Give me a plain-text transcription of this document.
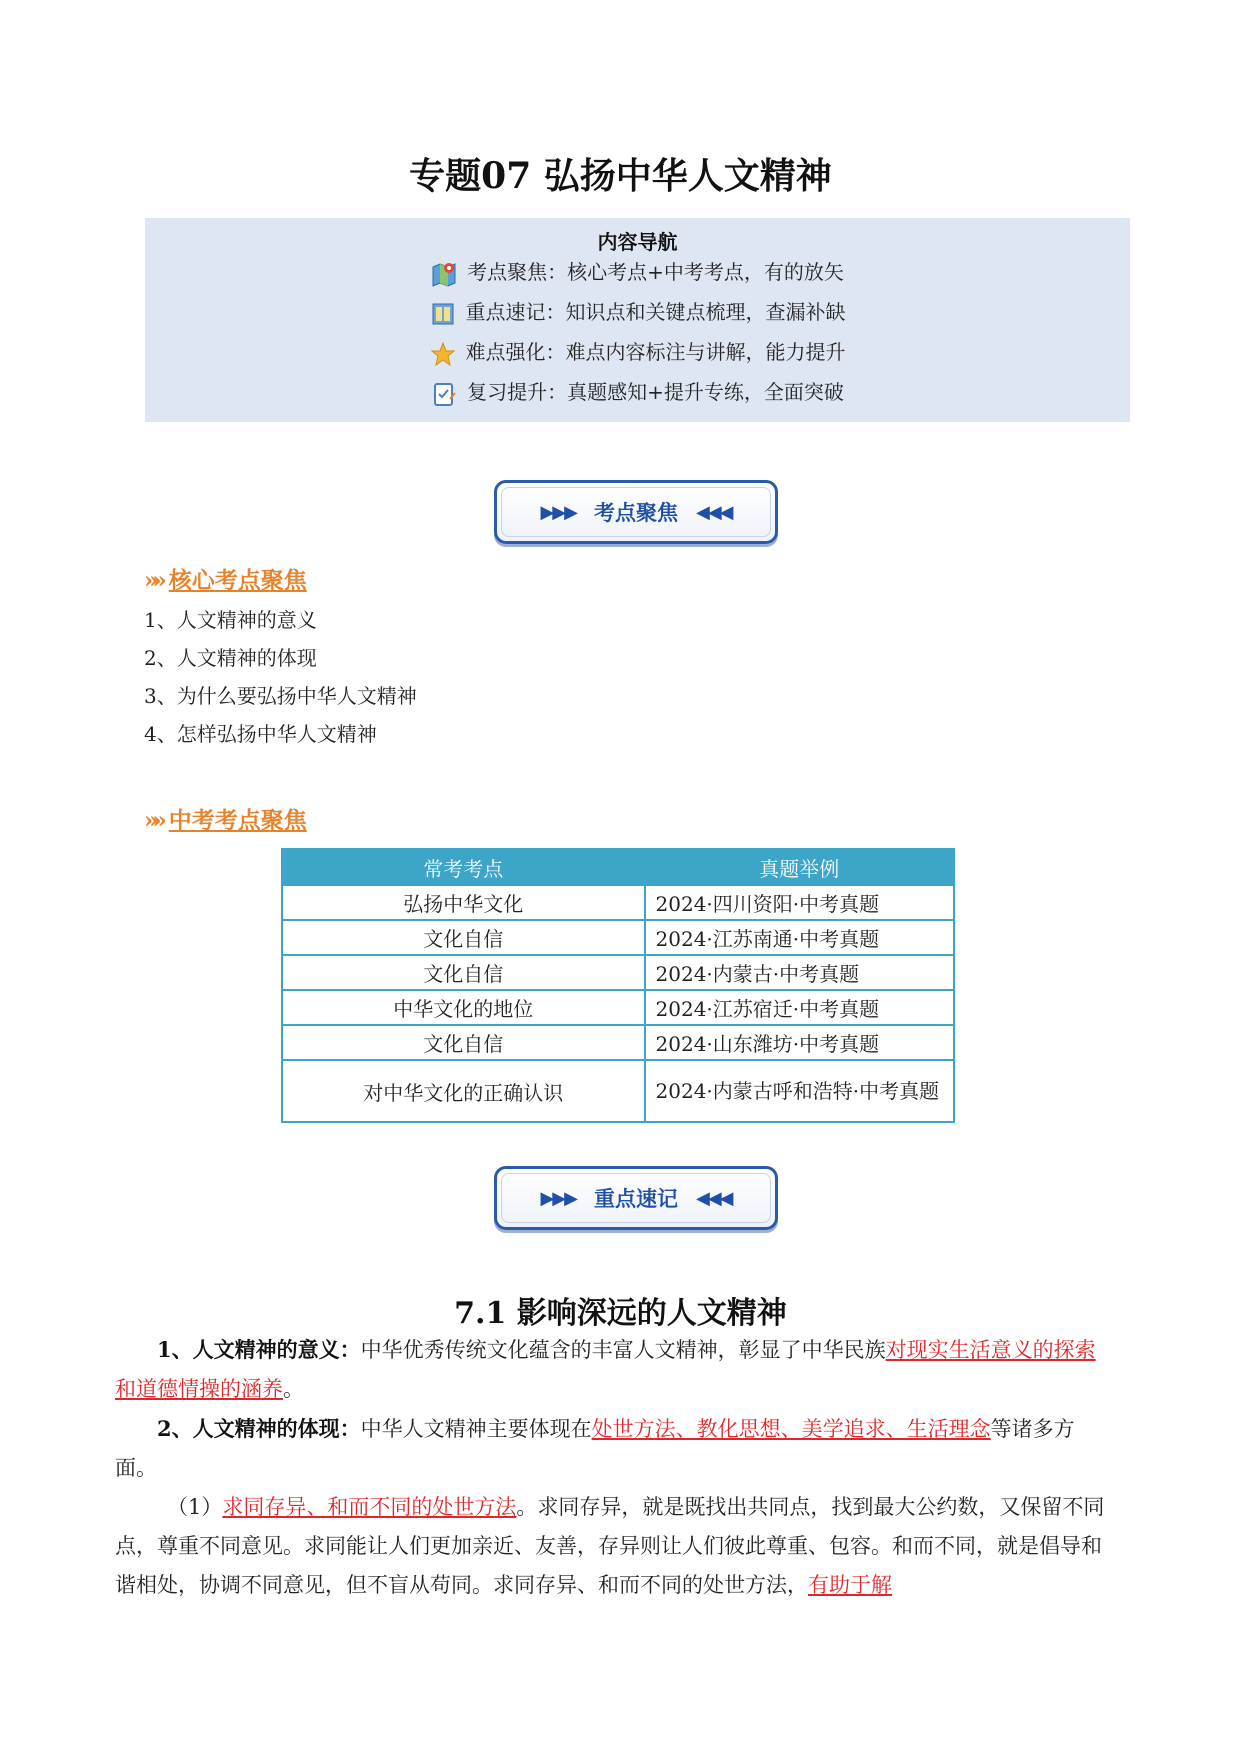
专题07 弘扬中华人文精神
内容导航
考点聚焦：核心考点+中考考点，有的放矢
重点速记：知识点和关键点梳理，查漏补缺
难点强化：难点内容标注与讲解，能力提升
复习提升：真题感知+提升专练，全面突破
▶▶▶ 考点聚焦 ◀◀◀
»» 核心考点聚焦
1、人文精神的意义
2、人文精神的体现
3、为什么要弘扬中华人文精神
4、怎样弘扬中华人文精神
»» 中考考点聚焦
常考考点	真题举例
弘扬中华文化	2024·四川资阳·中考真题
文化自信	2024·江苏南通·中考真题
文化自信	2024·内蒙古·中考真题
中华文化的地位	2024·江苏宿迁·中考真题
文化自信	2024·山东潍坊·中考真题
对中华文化的正确认识	2024·内蒙古呼和浩特·中考真题
▶▶▶ 重点速记 ◀◀◀
7.1 影响深远的人文精神
1、人文精神的意义：中华优秀传统文化蕴含的丰富人文精神，彰显了中华民族对现实生活意义的探索和道德情操的涵养。
2、人文精神的体现：中华人文精神主要体现在处世方法、教化思想、美学追求、生活理念等诸多方面。
（1）求同存异、和而不同的处世方法。求同存异，就是既找出共同点，找到最大公约数，又保留不同点，尊重不同意见。求同能让人们更加亲近、友善，存异则让人们彼此尊重、包容。和而不同，就是倡导和谐相处，协调不同意见，但不盲从苟同。求同存异、和而不同的处世方法，有助于解
